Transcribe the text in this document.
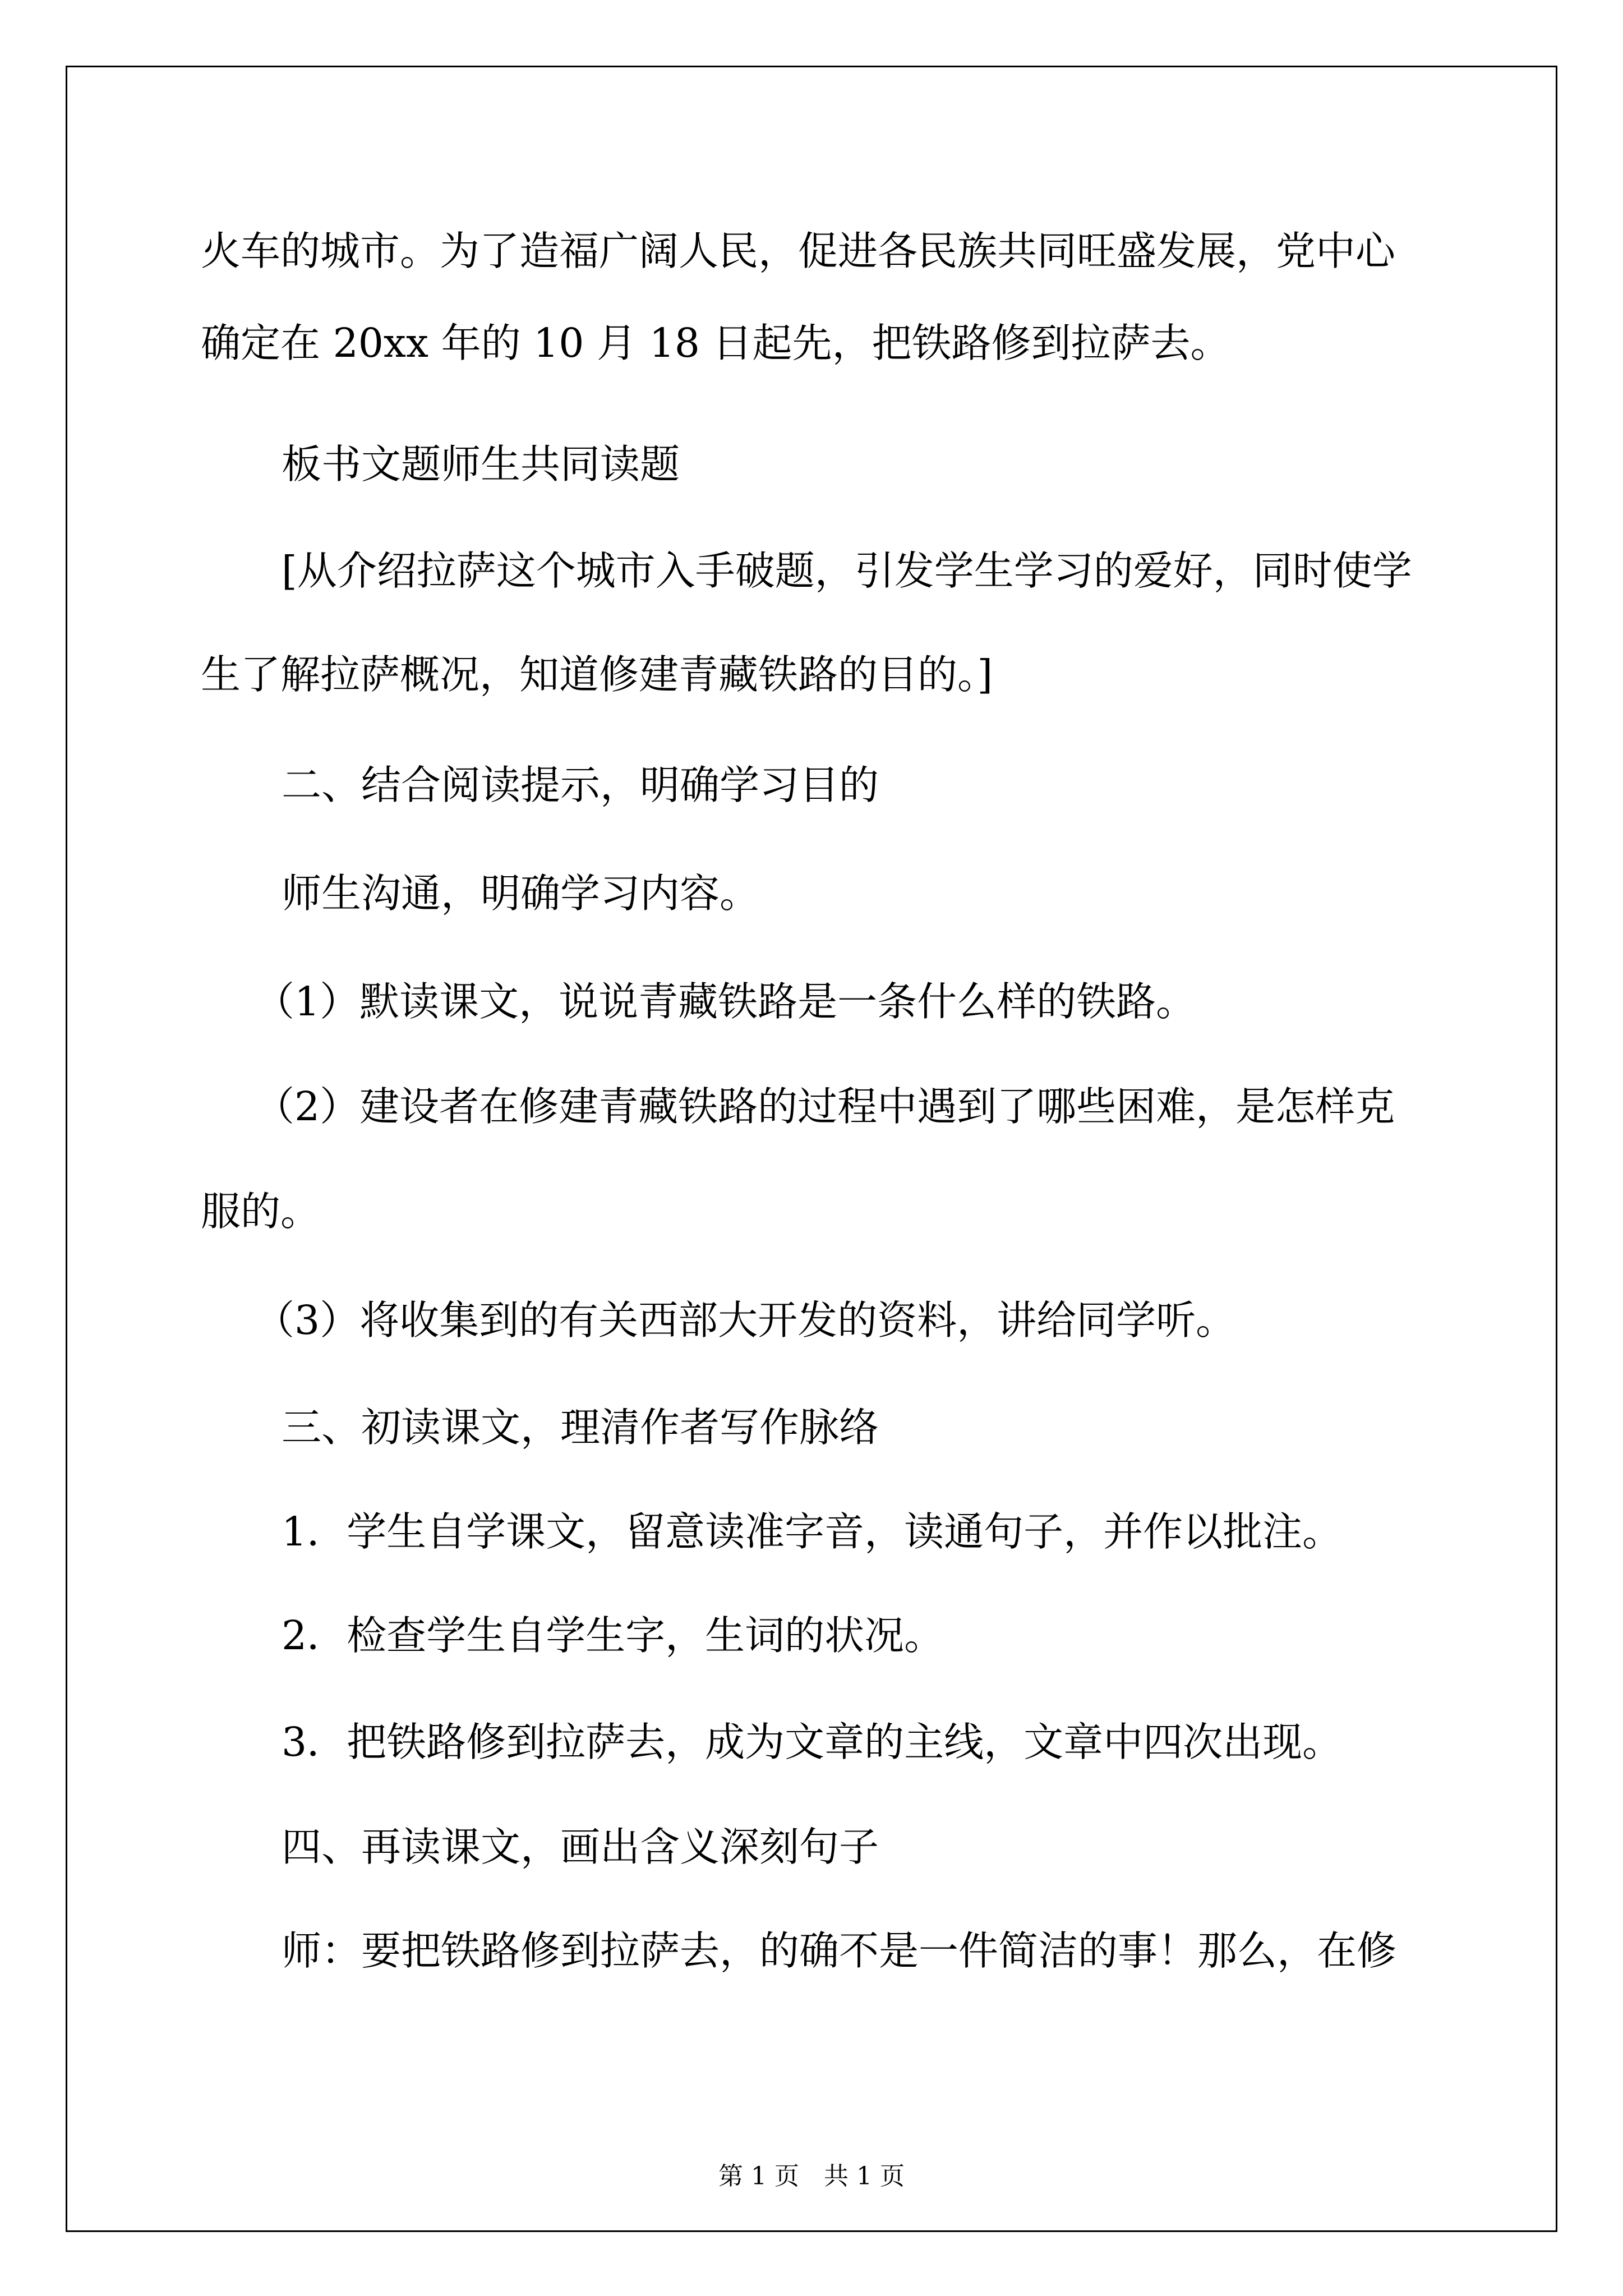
火车的城市。为了造福广阔人民，促进各民族共同旺盛发展，党中心
确定在 20xx 年的 10 月 18 日起先，把铁路修到拉萨去。
板书文题师生共同读题
[从介绍拉萨这个城市入手破题，引发学生学习的爱好，同时使学
生了解拉萨概况，知道修建青藏铁路的目的。]
二、结合阅读提示，明确学习目的
师生沟通，明确学习内容。
（1）默读课文，说说青藏铁路是一条什么样的铁路。
（2）建设者在修建青藏铁路的过程中遇到了哪些困难，是怎样克
服的。
（3）将收集到的有关西部大开发的资料，讲给同学听。
三、初读课文，理清作者写作脉络
1．学生自学课文，留意读准字音，读通句子，并作以批注。
2．检查学生自学生字，生词的状况。
3．把铁路修到拉萨去，成为文章的主线，文章中四次出现。
四、再读课文，画出含义深刻句子
师：要把铁路修到拉萨去，的确不是一件简洁的事！那么，在修
第 1 页　共 1 页
